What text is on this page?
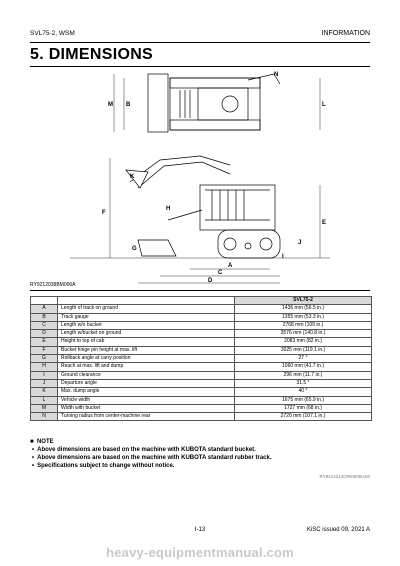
SVL75-2, WSM	INFORMATION
5. DIMENSIONS
N
M B	L
K
H
F
E
G
I
J
A
C
D
RY9212038BM006A
		SVL75-2
A	Length of track on ground	1436 mm (56.5 in.)
B	Track gauge	1355 mm (53.3 in.)
C	Length w/o bucket	2768 mm (109 in.)
D	Length w/bucket on ground	3576 mm (140.8 in.)
E	Height to top of cab	2083 mm (82 in.)
F	Bucket hinge pin height at max. lift	3025 mm (119.1 in.)
G	Rollback angle at carry position	27 °
H	Reach at max. lift and dump	1060 mm (41.7 in.)
I	Ground clearance	296 mm (11.7 in.)
J	Departure angle	31.5 °
K	Max. dump angle	40 °
L	Vehicle width	1675 mm (65.9 in.)
M	Width with bucket	1727 mm (68 in.)
N	Turning radius from center-machine rear	2720 mm (107.1 in.)
■  NOTE
• Above dimensions are based on the machine with KUBOTA standard bucket.
• Above dimensions are based on the machine with KUBOTA standard rubber track.
• Specifications subject to change without notice.
RY9212213GRI0006US0
I-13	KiSC issued 09, 2021 A
heavy-equipmentmanual.com
